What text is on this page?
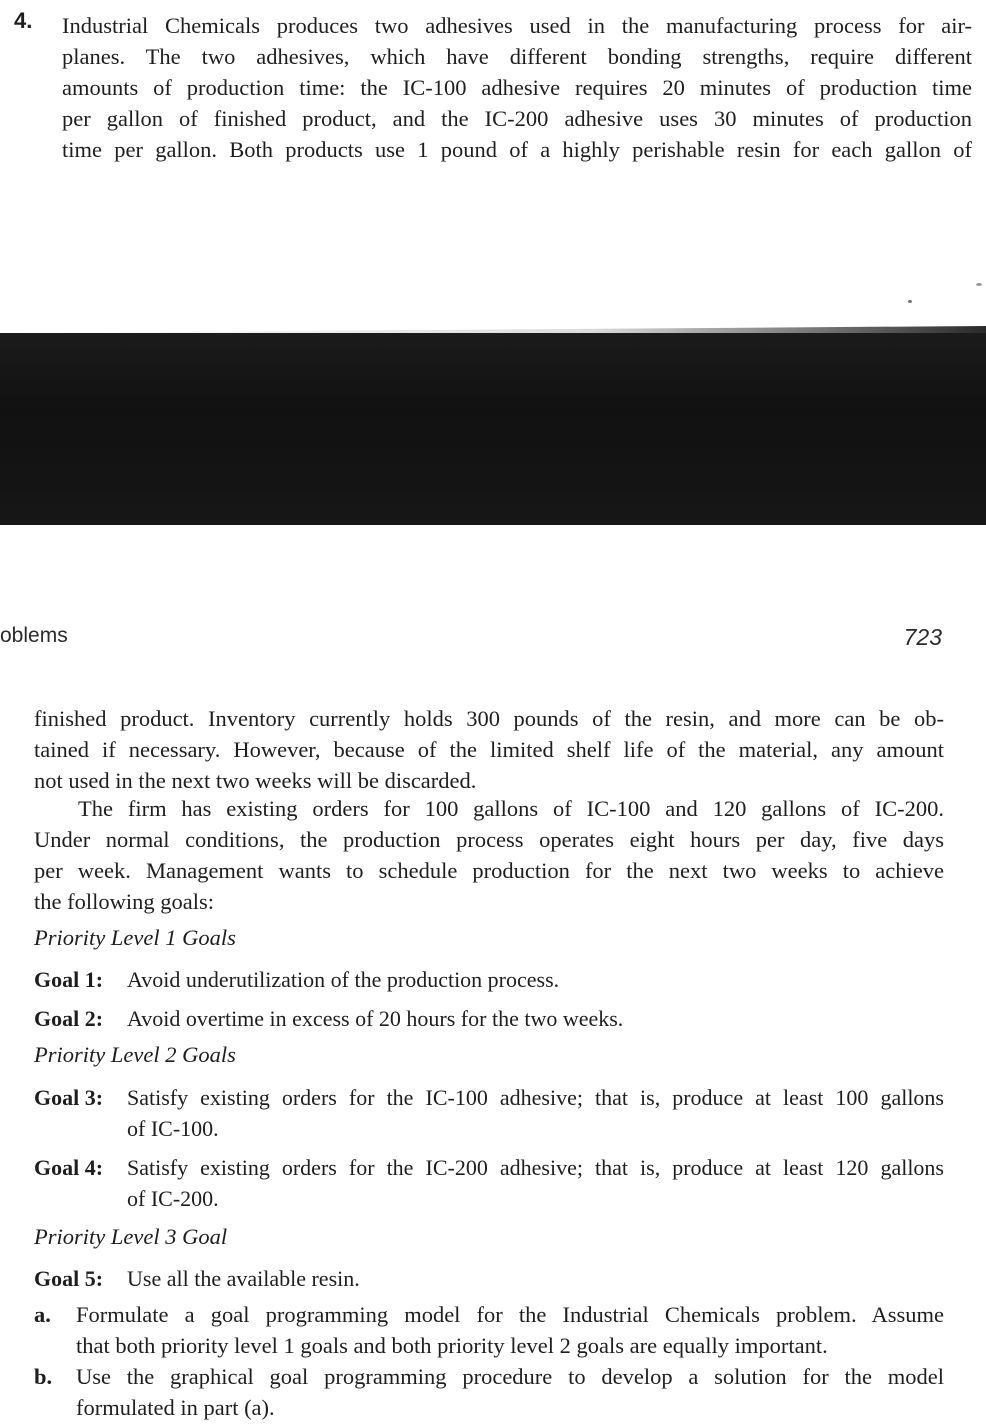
4. Industrial Chemicals produces two adhesives used in the manufacturing process for air-
planes. The two adhesives, which have different bonding strengths, require different
amounts of production time: the IC-100 adhesive requires 20 minutes of production time
per gallon of finished product, and the IC-200 adhesive uses 30 minutes of production
time per gallon. Both products use 1 pound of a highly perishable resin for each gallon of
oblems	723
finished product. Inventory currently holds 300 pounds of the resin, and more can be ob-
tained if necessary. However, because of the limited shelf life of the material, any amount
not used in the next two weeks will be discarded.
The firm has existing orders for 100 gallons of IC-100 and 120 gallons of IC-200.
Under normal conditions, the production process operates eight hours per day, five days
per week. Management wants to schedule production for the next two weeks to achieve
the following goals:
Priority Level 1 Goals
Goal 1: Avoid underutilization of the production process.
Goal 2: Avoid overtime in excess of 20 hours for the two weeks.
Priority Level 2 Goals
Goal 3: Satisfy existing orders for the IC-100 adhesive; that is, produce at least 100 gallons
of IC-100.
Goal 4: Satisfy existing orders for the IC-200 adhesive; that is, produce at least 120 gallons
of IC-200.
Priority Level 3 Goal
Goal 5: Use all the available resin.
a. Formulate a goal programming model for the Industrial Chemicals problem. Assume
that both priority level 1 goals and both priority level 2 goals are equally important.
b. Use the graphical goal programming procedure to develop a solution for the model
formulated in part (a).
